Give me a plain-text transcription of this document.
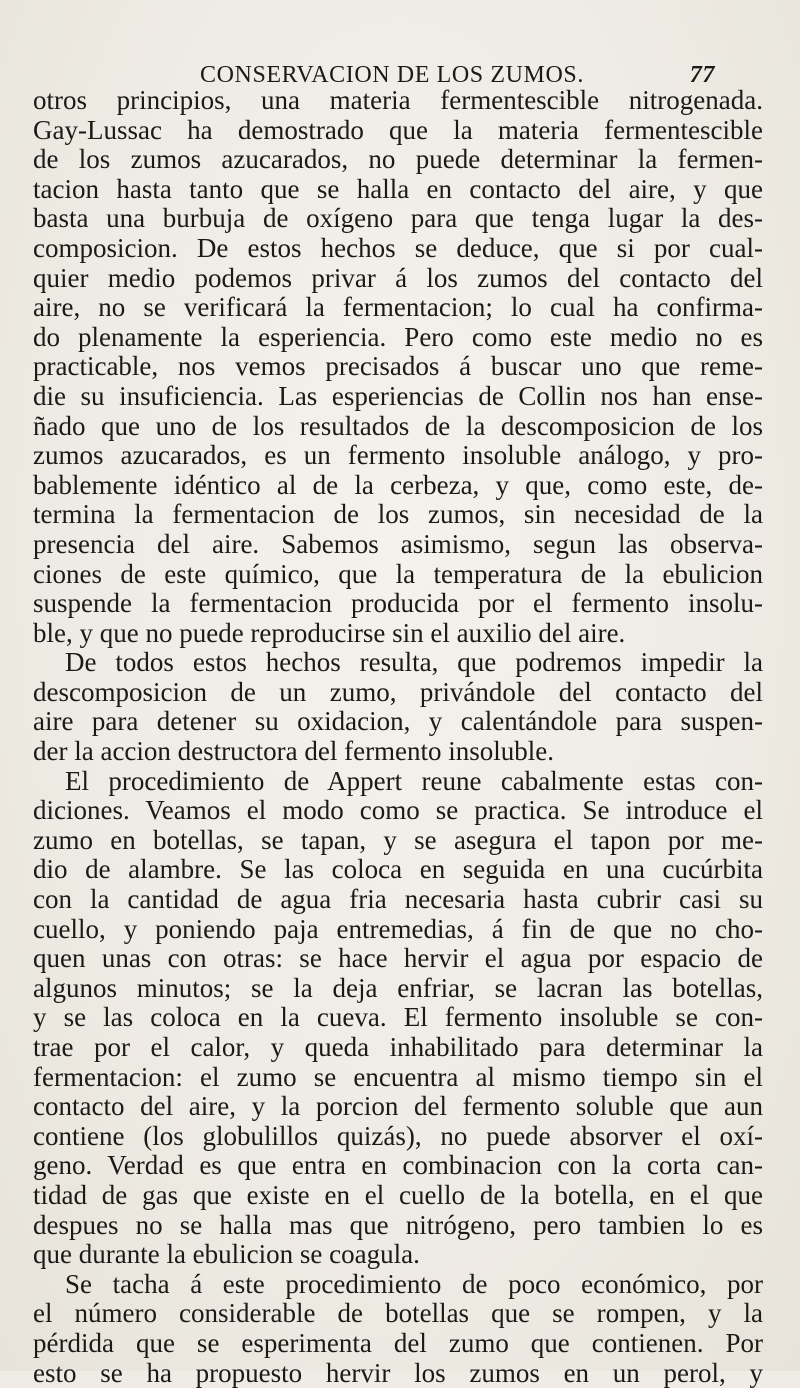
CONSERVACION DE LOS ZUMOS.	77
otros principios, una materia fermentescible nitrogenada.
Gay-Lussac ha demostrado que la materia fermentescible
de los zumos azucarados, no puede determinar la fermen-
tacion hasta tanto que se halla en contacto del aire, y que
basta una burbuja de oxígeno para que tenga lugar la des-
composicion. De estos hechos se deduce, que si por cual-
quier medio podemos privar á los zumos del contacto del
aire, no se verificará la fermentacion; lo cual ha confirma-
do plenamente la esperiencia. Pero como este medio no es
practicable, nos vemos precisados á buscar uno que reme-
die su insuficiencia. Las esperiencias de Collin nos han ense-
ñado que uno de los resultados de la descomposicion de los
zumos azucarados, es un fermento insoluble análogo, y pro-
bablemente idéntico al de la cerbeza, y que, como este, de-
termina la fermentacion de los zumos, sin necesidad de la
presencia del aire. Sabemos asimismo, segun las observa-
ciones de este químico, que la temperatura de la ebulicion
suspende la fermentacion producida por el fermento insolu-
ble, y que no puede reproducirse sin el auxilio del aire.
De todos estos hechos resulta, que podremos impedir la
descomposicion de un zumo, privándole del contacto del
aire para detener su oxidacion, y calentándole para suspen-
der la accion destructora del fermento insoluble.
El procedimiento de Appert reune cabalmente estas con-
diciones. Veamos el modo como se practica. Se introduce el
zumo en botellas, se tapan, y se asegura el tapon por me-
dio de alambre. Se las coloca en seguida en una cucúrbita
con la cantidad de agua fria necesaria hasta cubrir casi su
cuello, y poniendo paja entremedias, á fin de que no cho-
quen unas con otras: se hace hervir el agua por espacio de
algunos minutos; se la deja enfriar, se lacran las botellas,
y se las coloca en la cueva. El fermento insoluble se con-
trae por el calor, y queda inhabilitado para determinar la
fermentacion: el zumo se encuentra al mismo tiempo sin el
contacto del aire, y la porcion del fermento soluble que aun
contiene (los globulillos quizás), no puede absorver el oxí-
geno. Verdad es que entra en combinacion con la corta can-
tidad de gas que existe en el cuello de la botella, en el que
despues no se halla mas que nitrógeno, pero tambien lo es
que durante la ebulicion se coagula.
Se tacha á este procedimiento de poco económico, por
el número considerable de botellas que se rompen, y la
pérdida que se esperimenta del zumo que contienen. Por
esto se ha propuesto hervir los zumos en un perol, y
